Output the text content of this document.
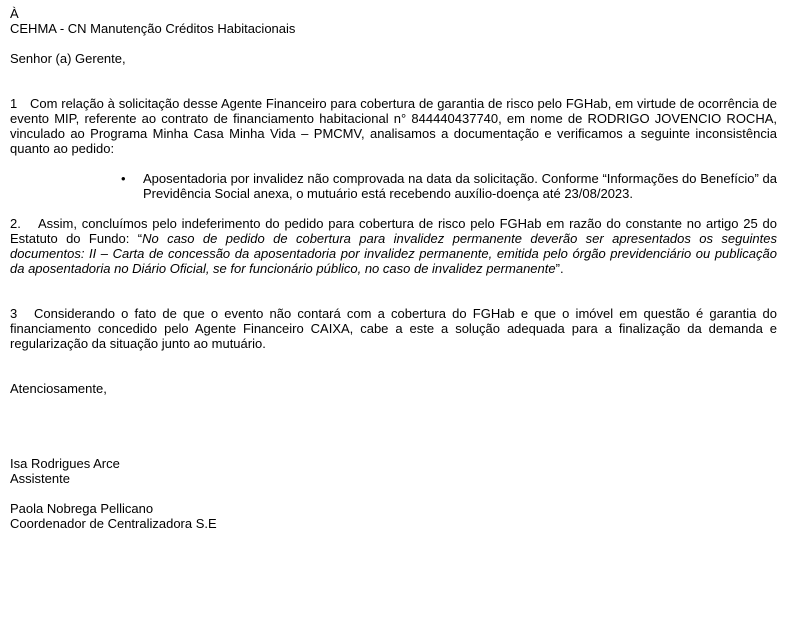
À

CEHMA - CN Manutenção Créditos Habitacionais

Senhor (a) Gerente,

1 Com relação à solicitação desse Agente Financeiro para cobertura de garantia de risco pelo FGHab, em virtude de ocorrência de evento MIP, referente ao contrato de financiamento habitacional n° 844440437740, em nome de RODRIGO JOVENCIO ROCHA, vinculado ao Programa Minha Casa Minha Vida – PMCMV, analisamos a documentação e verificamos a seguinte inconsistência quanto ao pedido:

• Aposentadoria por invalidez não comprovada na data da solicitação. Conforme “Informações do Benefício” da Previdência Social anexa, o mutuário está recebendo auxílio-doença até 23/08/2023.

2. Assim, concluímos pelo indeferimento do pedido para cobertura de risco pelo FGHab em razão do constante no artigo 25 do Estatuto do Fundo: “No caso de pedido de cobertura para invalidez permanente deverão ser apresentados os seguintes documentos: II – Carta de concessão da aposentadoria por invalidez permanente, emitida pelo órgão previdenciário ou publicação da aposentadoria no Diário Oficial, se for funcionário público, no caso de invalidez permanente”.

3 Considerando o fato de que o evento não contará com a cobertura do FGHab e que o imóvel em questão é garantia do financiamento concedido pelo Agente Financeiro CAIXA, cabe a este a solução adequada para a finalização da demanda e regularização da situação junto ao mutuário.

Atenciosamente,

Isa Rodrigues Arce

Assistente

Paola Nobrega Pellicano

Coordenador de Centralizadora S.E
